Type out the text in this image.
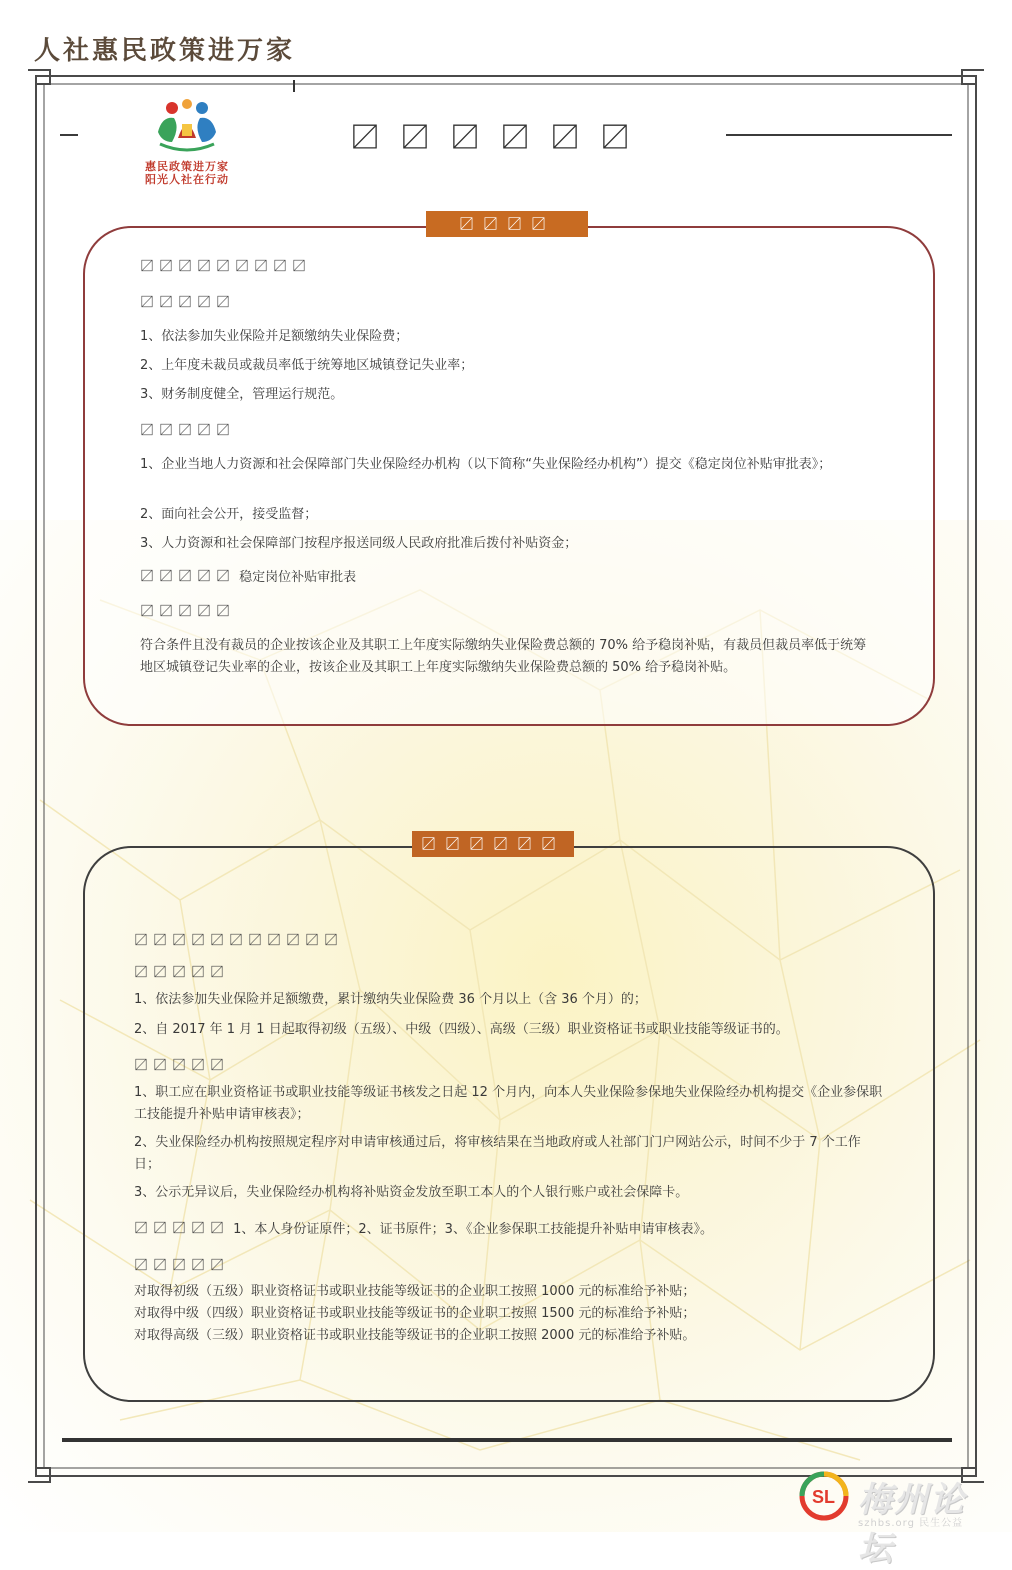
人社惠民政策进万家
惠民政策进万家
阳光人社在行动
〼〼〼〼〼〼
〼〼〼〼
〼〼〼〼〼〼〼〼〼
〼〼〼〼〼
1、依法参加失业保险并足额缴纳失业保险费；
2、上年度未裁员或裁员率低于统筹地区城镇登记失业率；
3、财务制度健全，管理运行规范。
〼〼〼〼〼
1、企业当地人力资源和社会保障部门失业保险经办机构（以下简称“失业保险经办机构”）提交《稳定岗位补贴审批表》；
2、面向社会公开，接受监督；
3、人力资源和社会保障部门按程序报送同级人民政府批准后拨付补贴资金；
〼〼〼〼〼 稳定岗位补贴审批表
〼〼〼〼〼
符合条件且没有裁员的企业按该企业及其职工上年度实际缴纳失业保险费总额的 70% 给予稳岗补贴，有裁员但裁员率低于统筹地区城镇登记失业率的企业，按该企业及其职工上年度实际缴纳失业保险费总额的 50% 给予稳岗补贴。
〼〼〼〼〼〼
〼〼〼〼〼〼〼〼〼〼〼
〼〼〼〼〼
1、依法参加失业保险并足额缴费，累计缴纳失业保险费 36 个月以上（含 36 个月）的；
2、自 2017 年 1 月 1 日起取得初级（五级）、中级（四级）、高级（三级）职业资格证书或职业技能等级证书的。
〼〼〼〼〼
1、职工应在职业资格证书或职业技能等级证书核发之日起 12 个月内，向本人失业保险参保地失业保险经办机构提交《企业参保职工技能提升补贴申请审核表》；
2、失业保险经办机构按照规定程序对申请审核通过后，将审核结果在当地政府或人社部门门户网站公示，时间不少于 7 个工作日；
3、公示无异议后，失业保险经办机构将补贴资金发放至职工本人的个人银行账户或社会保障卡。
〼〼〼〼〼 1、本人身份证原件；2、证书原件；3、《企业参保职工技能提升补贴申请审核表》。
〼〼〼〼〼
对取得初级（五级）职业资格证书或职业技能等级证书的企业职工按照 1000 元的标准给予补贴；
对取得中级（四级）职业资格证书或职业技能等级证书的企业职工按照 1500 元的标准给予补贴；
对取得高级（三级）职业资格证书或职业技能等级证书的企业职工按照 2000 元的标准给予补贴。
SL 梅州论坛
szhbs.org 民生公益
